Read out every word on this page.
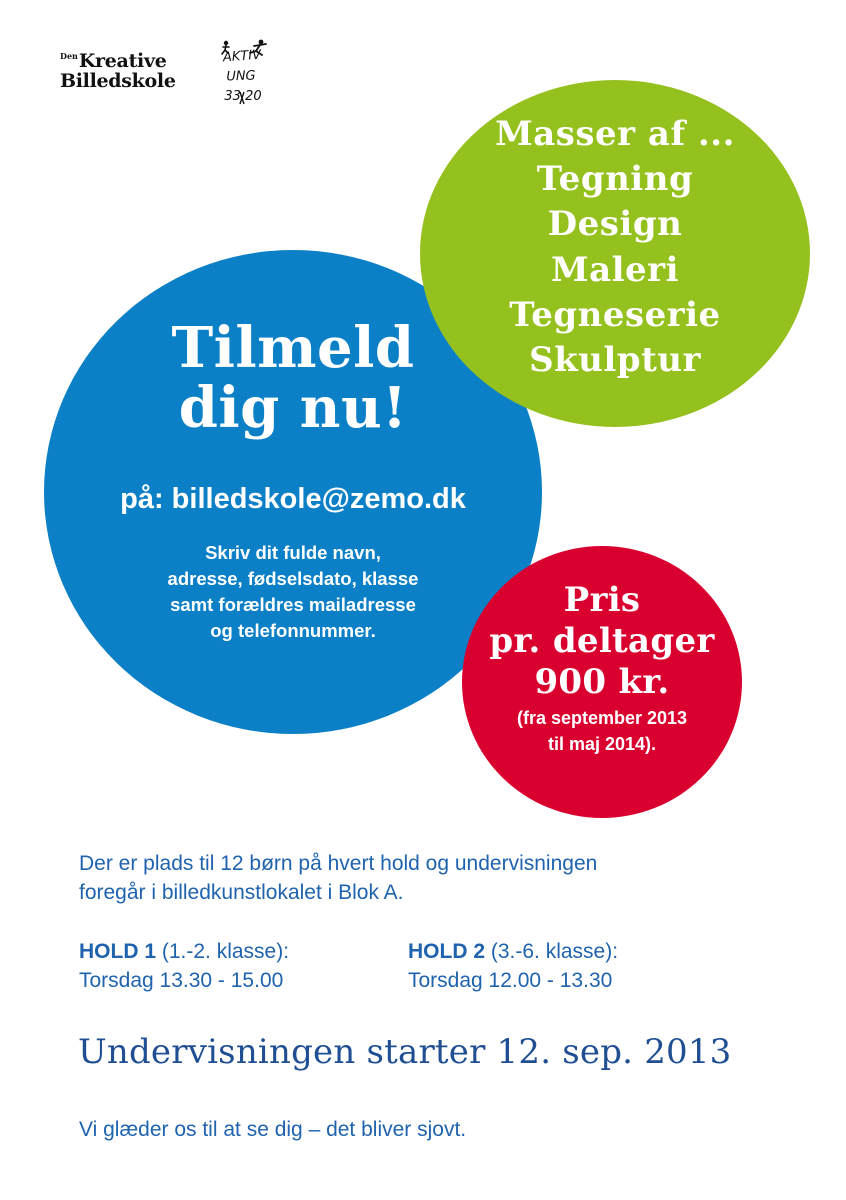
$^{Den}$Kreative
Billedskole
AKTIV
UNG
33 20
Tilmeld
dig nu!
på: billedskole@zemo.dk
Skriv dit fulde navn,
adresse, fødselsdato, klasse
samt forældres mailadresse
og telefonnummer.
Masser af ...
Tegning
Design
Maleri
Tegneserie
Skulptur
Pris
pr. deltager
900 kr.
(fra september 2013
til maj 2014).
Der er plads til 12 børn på hvert hold og undervisningen
foregår i billedkunstlokalet i Blok A.
HOLD 1 (1.-2. klasse):
Torsdag 13.30 - 15.00
HOLD 2 (3.-6. klasse):
Torsdag 12.00 - 13.30
Undervisningen starter 12. sep. 2013
Vi glæder os til at se dig – det bliver sjovt.
